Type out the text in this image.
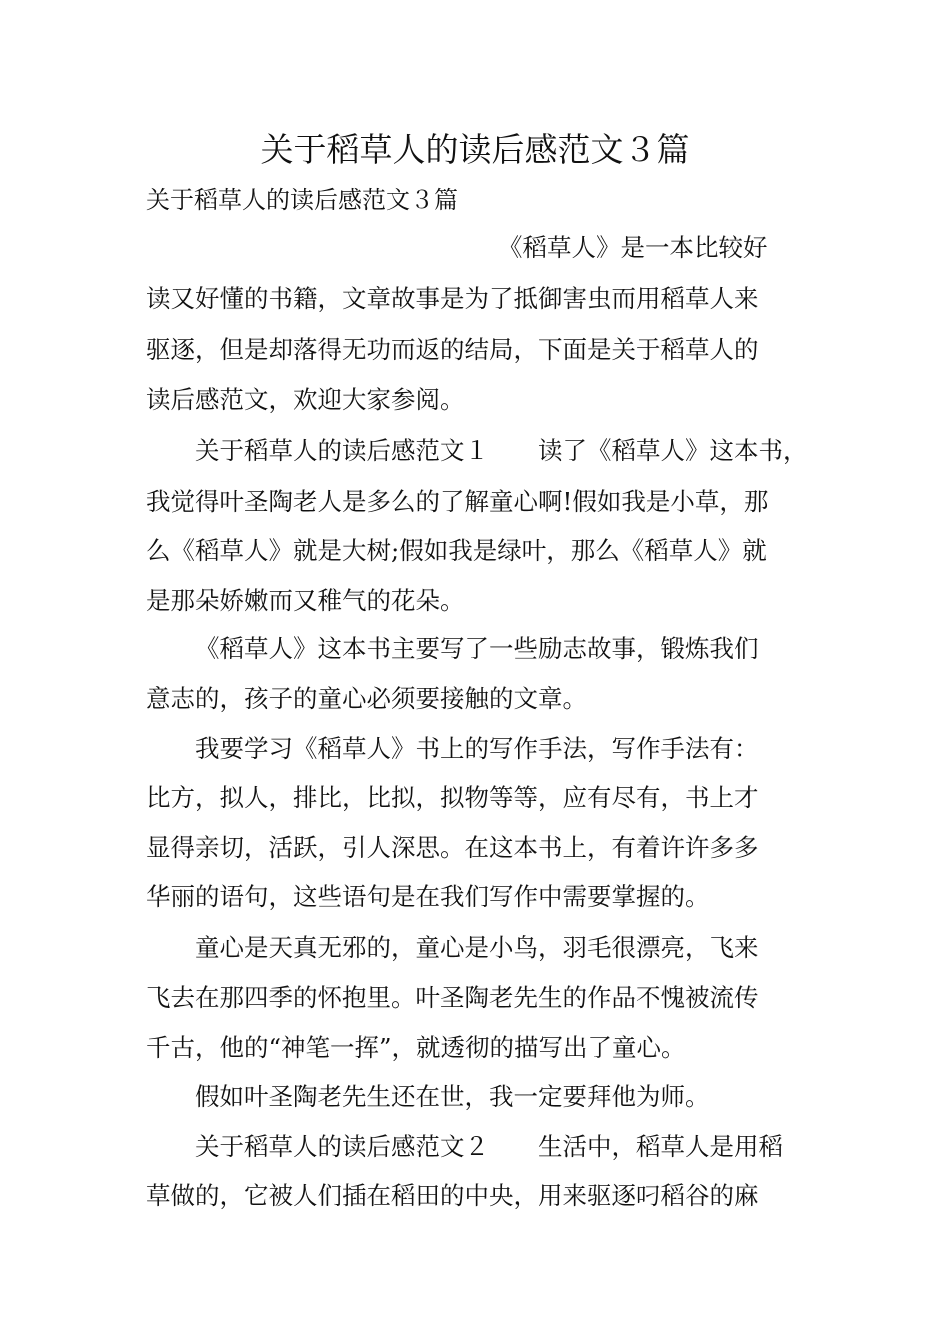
关于稻草人的读后感范文３篇

关于稻草人的读后感范文３篇

《稻草人》是一本比较好

读又好懂的书籍，文章故事是为了抵御害虫而用稻草人来

驱逐，但是却落得无功而返的结局，下面是关于稻草人的

读后感范文，欢迎大家参阅。

关于稻草人的读后感范文１　　读了《稻草人》这本书，

我觉得叶圣陶老人是多么的了解童心啊!假如我是小草，那

么《稻草人》就是大树;假如我是绿叶，那么《稻草人》就

是那朵娇嫩而又稚气的花朵。

《稻草人》这本书主要写了一些励志故事，锻炼我们

意志的，孩子的童心必须要接触的文章。

我要学习《稻草人》书上的写作手法，写作手法有：

比方，拟人，排比，比拟，拟物等等，应有尽有，书上才

显得亲切，活跃，引人深思。在这本书上，有着许许多多

华丽的语句，这些语句是在我们写作中需要掌握的。

童心是天真无邪的，童心是小鸟，羽毛很漂亮，飞来

飞去在那四季的怀抱里。叶圣陶老先生的作品不愧被流传

千古，他的“神笔一挥”，就透彻的描写出了童心。

假如叶圣陶老先生还在世，我一定要拜他为师。

关于稻草人的读后感范文２　　生活中，稻草人是用稻

草做的，它被人们插在稻田的中央，用来驱逐叼稻谷的麻
